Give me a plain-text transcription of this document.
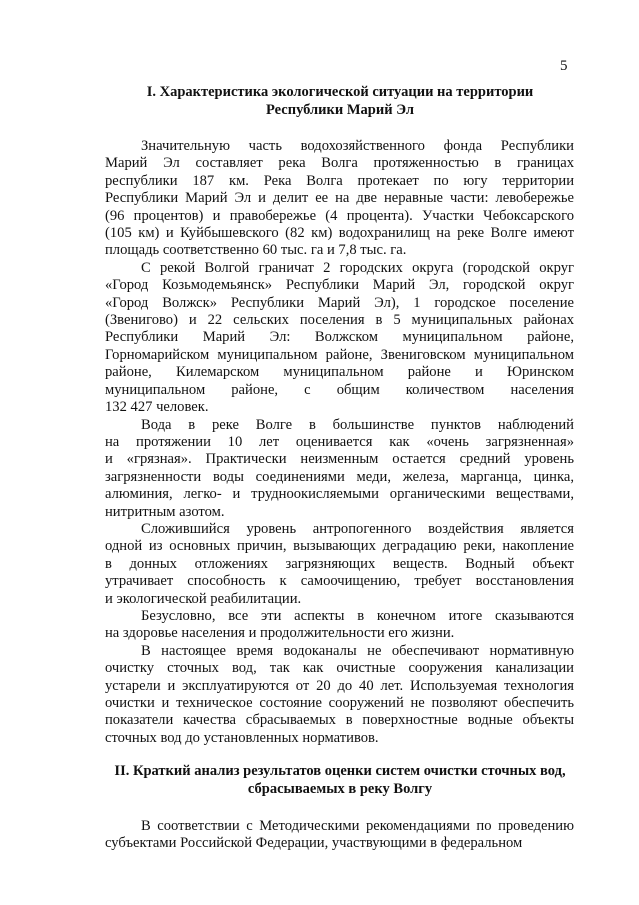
5
I. Характеристика экологической ситуации на территории
Республики Марий Эл
Значительную часть водохозяйственного фонда Республики
Марий Эл составляет река Волга протяженностью в границах
республики 187 км. Река Волга протекает по югу территории
Республики Марий Эл и делит ее на две неравные части: левобережье
(96 процентов) и правобережье (4 процента). Участки Чебоксарского
(105 км) и Куйбышевского (82 км) водохранилищ на реке Волге имеют
площадь соответственно 60 тыс. га и 7,8 тыс. га.
С рекой Волгой граничат 2 городских округа (городской округ
«Город Козьмодемьянск» Республики Марий Эл, городской округ
«Город Волжск» Республики Марий Эл), 1 городское поселение
(Звенигово) и 22 сельских поселения в 5 муниципальных районах
Республики Марий Эл: Волжском муниципальном районе,
Горномарийском муниципальном районе, Звениговском муниципальном
районе, Килемарском муниципальном районе и Юринском
муниципальном районе, с общим количеством населения
132 427 человек.
Вода в реке Волге в большинстве пунктов наблюдений
на протяжении 10 лет оценивается как «очень загрязненная»
и «грязная». Практически неизменным остается средний уровень
загрязненности воды соединениями меди, железа, марганца, цинка,
алюминия, легко- и трудноокисляемыми органическими веществами,
нитритным азотом.
Сложившийся уровень антропогенного воздействия является
одной из основных причин, вызывающих деградацию реки, накопление
в донных отложениях загрязняющих веществ. Водный объект
утрачивает способность к самоочищению, требует восстановления
и экологической реабилитации.
Безусловно, все эти аспекты в конечном итоге сказываются
на здоровье населения и продолжительности его жизни.
В настоящее время водоканалы не обеспечивают нормативную
очистку сточных вод, так как очистные сооружения канализации
устарели и эксплуатируются от 20 до 40 лет. Используемая технология
очистки и техническое состояние сооружений не позволяют обеспечить
показатели качества сбрасываемых в поверхностные водные объекты
сточных вод до установленных нормативов.
II. Краткий анализ результатов оценки систем очистки сточных вод,
сбрасываемых в реку Волгу
В соответствии с Методическими рекомендациями по проведению
субъектами Российской Федерации, участвующими в федеральном
